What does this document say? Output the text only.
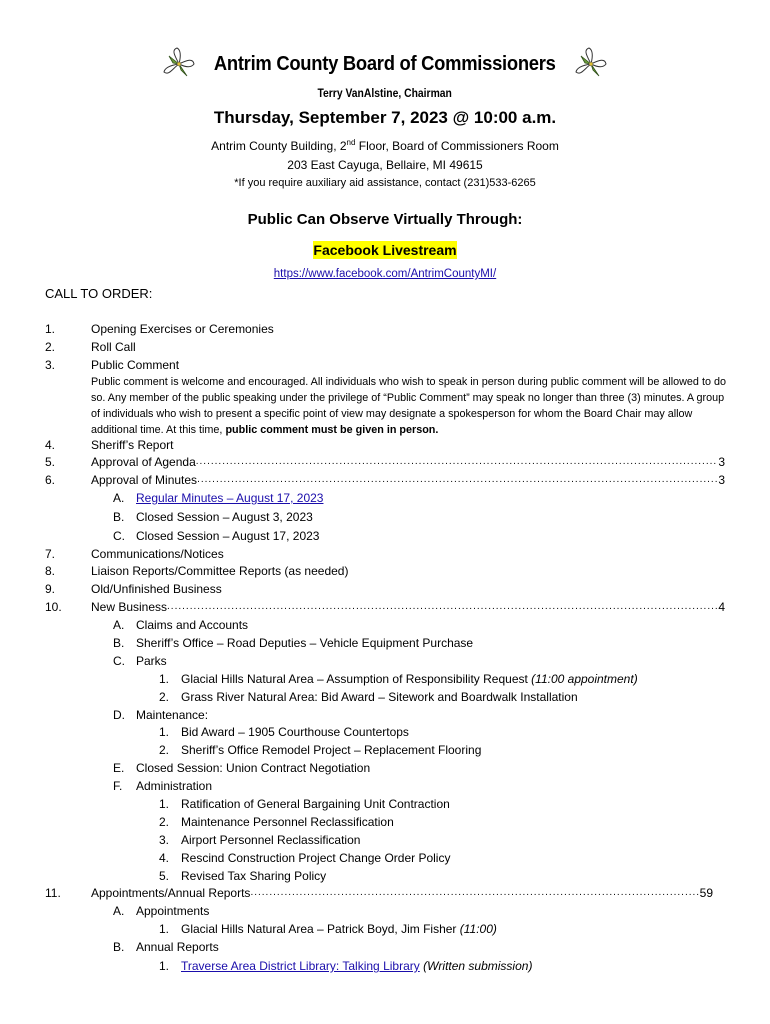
Antrim County Board of Commissioners
Terry VanAlstine, Chairman
Thursday, September 7, 2023 @ 10:00 a.m.
Antrim County Building, 2nd Floor, Board of Commissioners Room
203 East Cayuga, Bellaire, MI 49615
*If you require auxiliary aid assistance, contact (231)533-6265
Public Can Observe Virtually Through:
Facebook Livestream
https://www.facebook.com/AntrimCountyMI/
CALL TO ORDER:
1.	Opening Exercises or Ceremonies
2.	Roll Call
3.	Public Comment
Public comment is welcome and encouraged. All individuals who wish to speak in person during public comment will be allowed to do so. Any member of the public speaking under the privilege of “Public Comment” may speak no longer than three (3) minutes. A group of individuals who wish to present a specific point of view may designate a spokesperson for whom the Board Chair may allow additional time. At this time, public comment must be given in person.
4.	Sheriff’s Report
5.	Approval of Agenda .....	3
6.	Approval of Minutes .....	3
A. Regular Minutes – August 17, 2023
B. Closed Session – August 3, 2023
C. Closed Session – August 17, 2023
7.	Communications/Notices
8.	Liaison Reports/Committee Reports (as needed)
9.	Old/Unfinished Business
10. New Business .....	4
A. Claims and Accounts
B. Sheriff’s Office – Road Deputies – Vehicle Equipment Purchase
C. Parks
1. Glacial Hills Natural Area – Assumption of Responsibility Request (11:00 appointment)
2. Grass River Natural Area: Bid Award – Sitework and Boardwalk Installation
D. Maintenance:
1. Bid Award – 1905 Courthouse Countertops
2. Sheriff’s Office Remodel Project – Replacement Flooring
E. Closed Session: Union Contract Negotiation
F. Administration
1. Ratification of General Bargaining Unit Contraction
2. Maintenance Personnel Reclassification
3. Airport Personnel Reclassification
4. Rescind Construction Project Change Order Policy
5. Revised Tax Sharing Policy
11.	Appointments/Annual Reports .....	59
A. Appointments
1. Glacial Hills Natural Area – Patrick Boyd, Jim Fisher (11:00)
B. Annual Reports
1. Traverse Area District Library: Talking Library (Written submission)
